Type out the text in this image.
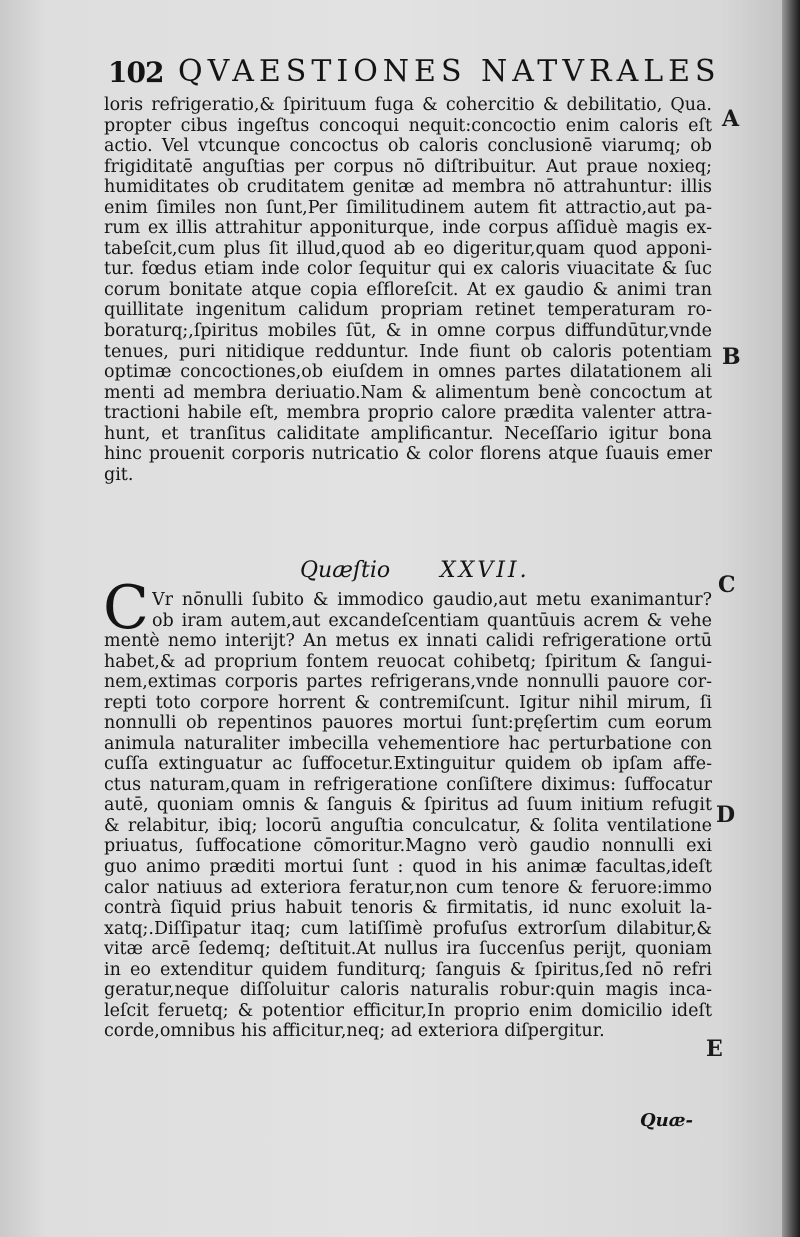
102 QVAESTIONES NATVRALES
loris refrigeratio,& ſpirituum fuga & cohercitio & debilitatio, Qua.
propter cibus ingeſtus concoqui nequit:concoctio enim caloris eſt
actio. Vel vtcunque concoctus ob caloris conclusionē viarumq; ob
frigiditatē anguſtias per corpus nō diſtribuitur. Aut praue noxieq;
humiditates ob cruditatem genitæ ad membra nō attrahuntur: illis
enim ſimiles non ſunt,Per ſimilitudinem autem fit attractio,aut pa-
rum ex illis attrahitur apponiturque, inde corpus aſſiduè magis ex-
tabeſcit,cum plus ſit illud,quod ab eo digeritur,quam quod apponi-
tur. fœdus etiam inde color ſequitur qui ex caloris viuacitate & ſuc
corum bonitate atque copia eſfloreſcit. At ex gaudio & animi tran
quillitate ingenitum calidum propriam retinet temperaturam ro-
boraturq;,ſpiritus mobiles ſūt, & in omne corpus diffundūtur,vnde
tenues, puri nitidique redduntur. Inde fiunt ob caloris potentiam
optimæ concoctiones,ob eiuſdem in omnes partes dilatationem ali
menti ad membra deriuatio.Nam & alimentum benè concoctum at
tractioni habile eſt, membra proprio calore prædita valenter attra-
hunt, et tranſitus caliditate amplificantur. Neceſſario igitur bona
hinc prouenit corporis nutricatio & color florens atque ſuauis emer
git.
Quæſtio XXVII.
C Vr nōnulli ſubito & immodico gaudio,aut metu exanimantur?
ob iram autem,aut excandeſcentiam quantūuis acrem & vehe
mentè nemo interijt? An metus ex innati calidi refrigeratione ortū
habet,& ad proprium fontem reuocat cohibetq; ſpiritum & ſangui-
nem,extimas corporis partes refrigerans,vnde nonnulli pauore cor-
repti toto corpore horrent & contremiſcunt. Igitur nihil mirum, ſi
nonnulli ob repentinos pauores mortui ſunt:pręſertim cum eorum
animula naturaliter imbecilla vehementiore hac perturbatione con
cuſſa extinguatur ac ſuffocetur.Extinguitur quidem ob ipſam affe-
ctus naturam,quam in refrigeratione conſiſtere diximus: ſuffocatur
autē, quoniam omnis & ſanguis & ſpiritus ad ſuum initium refugit
& relabitur, ibiq; locorū anguſtia conculcatur, & ſolita ventilatione
priuatus, ſuffocatione cōmoritur.Magno verò gaudio nonnulli exi
guo animo præditi mortui ſunt : quod in his animæ facultas,ideſt
calor natiuus ad exteriora feratur,non cum tenore & feruore:immo
contrà ſiquid prius habuit tenoris & firmitatis, id nunc exoluit la-
xatq;.Diſſipatur itaq; cum latiſſimè profuſus extrorſum dilabitur,&
vitæ arcē ſedemq; deſtituit.At nullus ira ſuccenſus perijt, quoniam
in eo extenditur quidem funditurq; ſanguis & ſpiritus,ſed nō refri
geratur,neque diſſoluitur caloris naturalis robur:quin magis inca-
leſcit feruetq; & potentior efficitur,In proprio enim domicilio ideſt
corde,omnibus his afficitur,neq; ad exteriora diſpergitur.
A
B
C
D
E
Quæ-
